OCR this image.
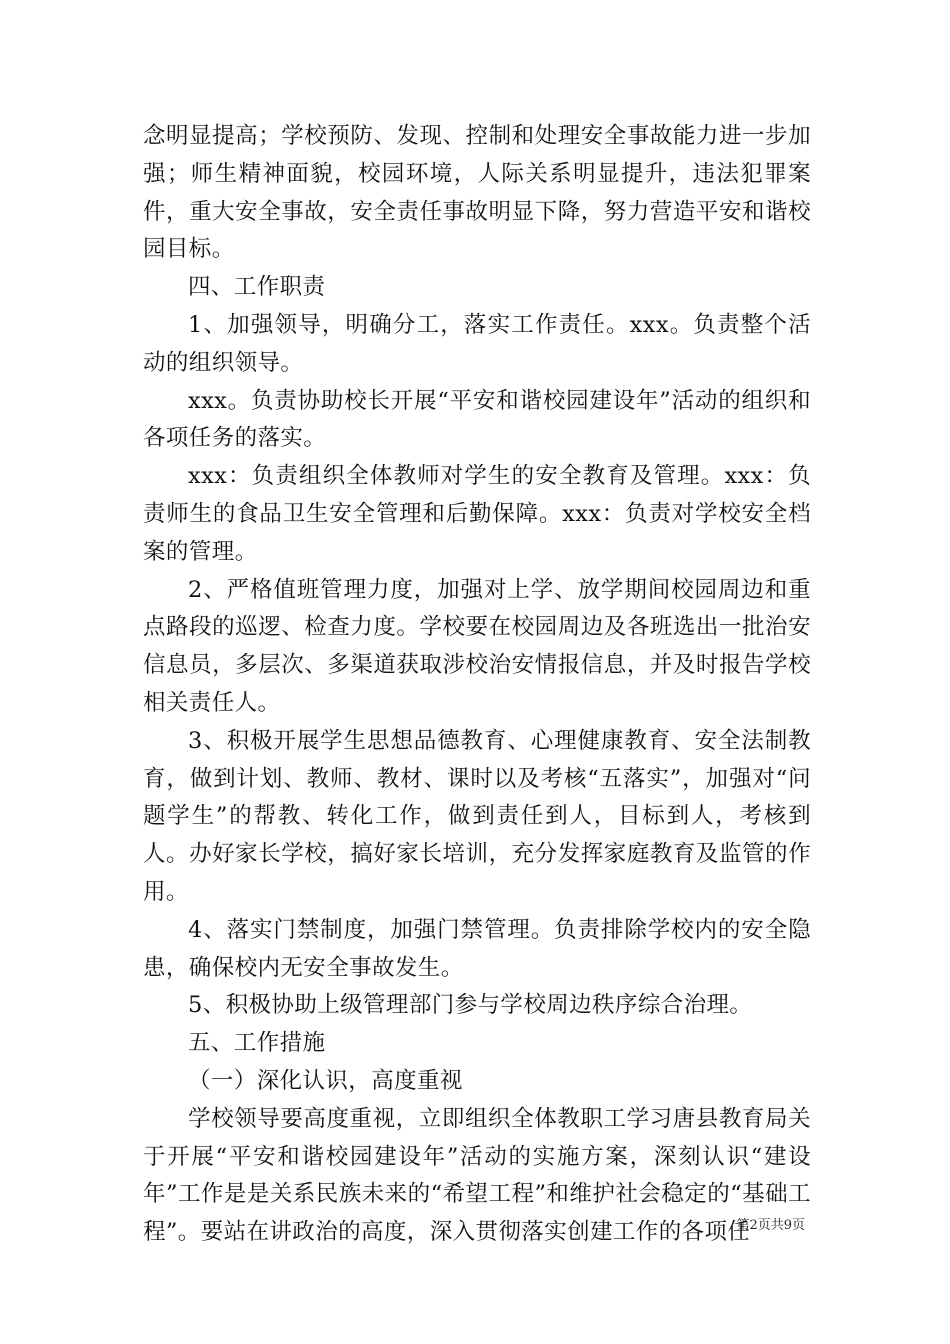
念明显提高；学校预防、发现、控制和处理安全事故能力进一步加强；师生精神面貌，校园环境，人际关系明显提升，违法犯罪案件，重大安全事故，安全责任事故明显下降，努力营造平安和谐校园目标。

四、工作职责

1、加强领导，明确分工，落实工作责任。xxx。负责整个活动的组织领导。

xxx。负责协助校长开展“平安和谐校园建设年”活动的组织和各项任务的落实。

xxx：负责组织全体教师对学生的安全教育及管理。xxx：负责师生的食品卫生安全管理和后勤保障。xxx：负责对学校安全档案的管理。

2、严格值班管理力度，加强对上学、放学期间校园周边和重点路段的巡逻、检查力度。学校要在校园周边及各班选出一批治安信息员，多层次、多渠道获取涉校治安情报信息，并及时报告学校相关责任人。

3、积极开展学生思想品德教育、心理健康教育、安全法制教育，做到计划、教师、教材、课时以及考核“五落实”，加强对“问题学生”的帮教、转化工作，做到责任到人，目标到人，考核到人。办好家长学校，搞好家长培训，充分发挥家庭教育及监管的作用。

4、落实门禁制度，加强门禁管理。负责排除学校内的安全隐患，确保校内无安全事故发生。

5、积极协助上级管理部门参与学校周边秩序综合治理。

五、工作措施

（一）深化认识，高度重视

学校领导要高度重视，立即组织全体教职工学习唐县教育局关于开展“平安和谐校园建设年”活动的实施方案，深刻认识“建设年”工作是是关系民族未来的“希望工程”和维护社会稳定的“基础工程”。要站在讲政治的高度，深入贯彻落实创建工作的各项任

第2页共9页
